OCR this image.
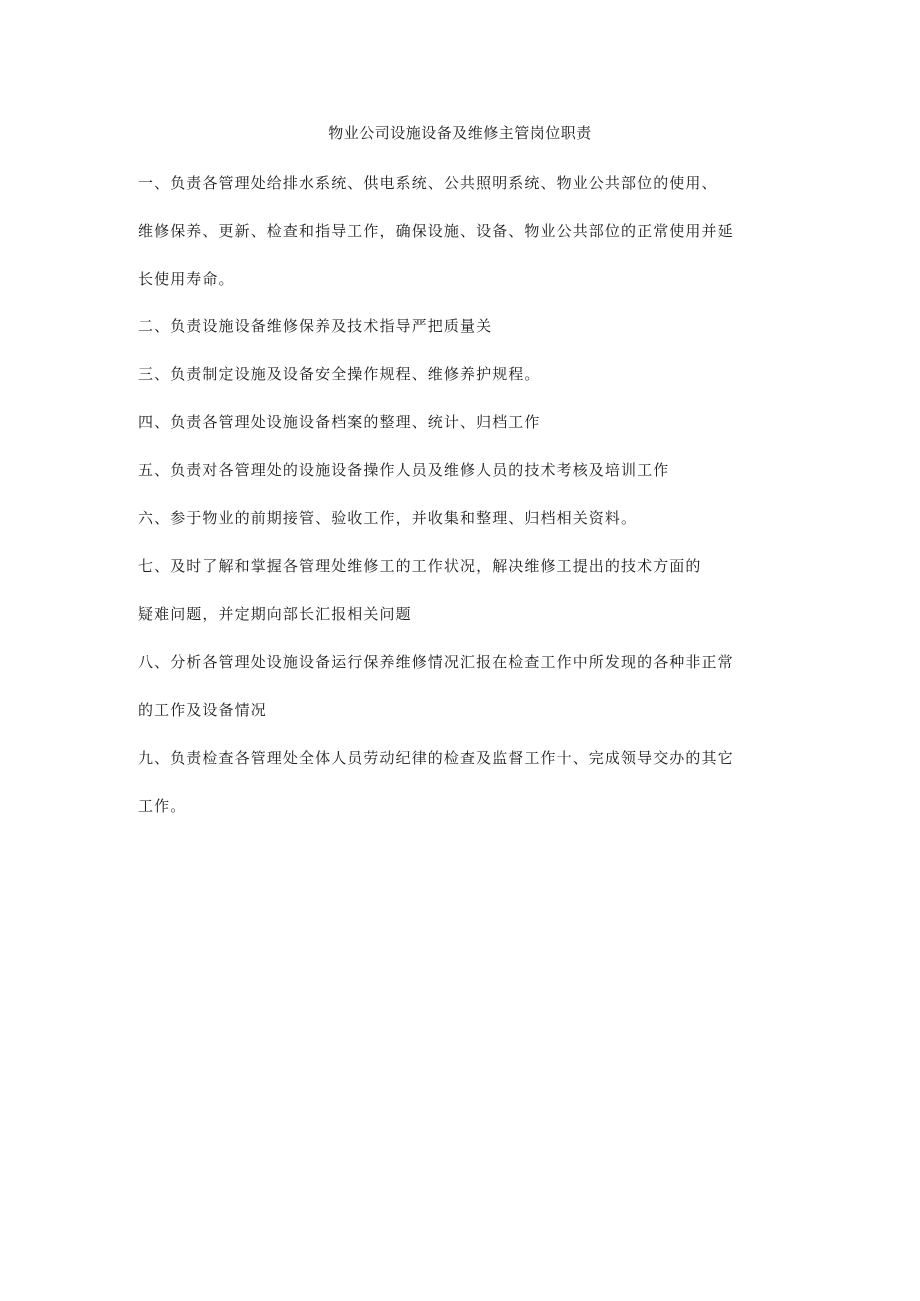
物业公司设施设备及维修主管岗位职责
一、负责各管理处给排水系统、供电系统、公共照明系统、物业公共部位的使用、
维修保养、更新、检查和指导工作，确保设施、设备、物业公共部位的正常使用并延
长使用寿命。
二、负责设施设备维修保养及技术指导严把质量关
三、负责制定设施及设备安全操作规程、维修养护规程。
四、负责各管理处设施设备档案的整理、统计、归档工作
五、负责对各管理处的设施设备操作人员及维修人员的技术考核及培训工作
六、参于物业的前期接管、验收工作，并收集和整理、归档相关资料。
七、及时了解和掌握各管理处维修工的工作状况，解决维修工提出的技术方面的
疑难问题，并定期向部长汇报相关问题
八、分析各管理处设施设备运行保养维修情况汇报在检查工作中所发现的各种非正常
的工作及设备情况
九、负责检查各管理处全体人员劳动纪律的检查及监督工作十、完成领导交办的其它
工作。
